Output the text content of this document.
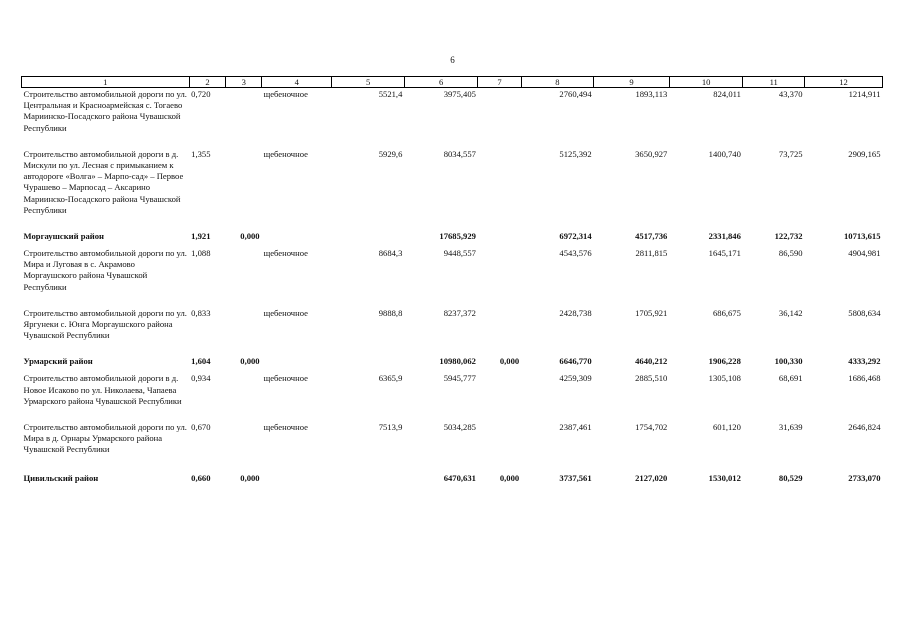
6
1	2	3	4	5	6	7	8	9	10	11	12
Строительство автомобильной дороги по ул. Центральная и Красноармейская с. Тогаево Мариинско-Посадского района Чувашской Республики	0,720		щебеночное	5521,4	3975,405		2760,494	1893,113	824,011	43,370	1214,911
Строительство автомобильной дороги в д. Мискули по ул. Лесная с примыканием к автодороге «Волга» – Марпо-сад» – Первое Чурашево – Марпосад – Аксарино Мариинско-Посадского района Чувашской Республики	1,355		щебеночное	5929,6	8034,557		5125,392	3650,927	1400,740	73,725	2909,165
Моргаушский район	1,921	0,000			17685,929		6972,314	4517,736	2331,846	122,732	10713,615
Строительство автомобильной дороги по ул. Мира и Луговая в с. Акрамово Моргаушского района Чувашской Республики	1,088		щебеночное	8684,3	9448,557		4543,576	2811,815	1645,171	86,590	4904,981
Строительство автомобильной дороги по ул. Яргунеки с. Юнга Моргаушского района Чувашской Республики	0,833		щебеночное	9888,8	8237,372		2428,738	1705,921	686,675	36,142	5808,634
Урмарский район	1,604	0,000			10980,062	0,000	6646,770	4640,212	1906,228	100,330	4333,292
Строительство автомобильной дороги в д. Новое Исаково по ул. Николаева, Чапаева Урмарского района Чувашской Республики	0,934		щебеночное	6365,9	5945,777		4259,309	2885,510	1305,108	68,691	1686,468
Строительство автомобильной дороги по ул. Мира в д. Орнары Урмарского района Чувашской Республики	0,670		щебеночное	7513,9	5034,285		2387,461	1754,702	601,120	31,639	2646,824
Цивильский район	0,660	0,000			6470,631	0,000	3737,561	2127,020	1530,012	80,529	2733,070
